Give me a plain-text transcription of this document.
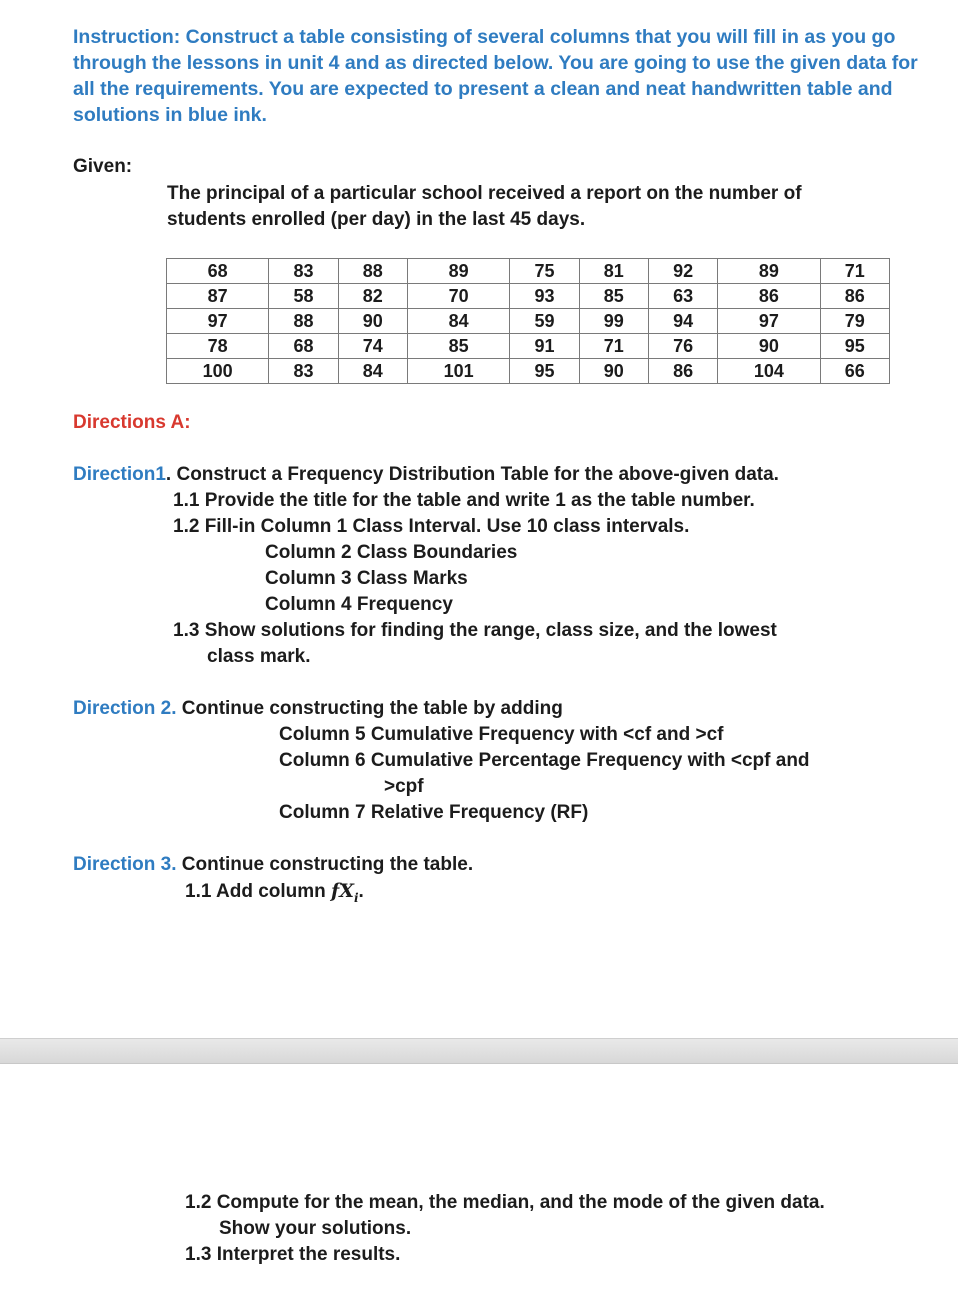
Instruction: Construct a table consisting of several columns that you will fill in as you go through the lessons in unit 4 and as directed below. You are going to use the given data for all the requirements. You are expected to present a clean and neat handwritten table and solutions in blue ink.
Given:
The principal of a particular school received a report on the number of
students enrolled (per day) in the last 45 days.
68	83	88	89	75	81	92	89	71
87	58	82	70	93	85	63	86	86
97	88	90	84	59	99	94	97	79
78	68	74	85	91	71	76	90	95
100	83	84	101	95	90	86	104	66
Directions A:
Direction1. Construct a Frequency Distribution Table for the above-given data.
1.1 Provide the title for the table and write 1 as the table number.
1.2 Fill-in Column 1 Class Interval. Use 10 class intervals.
Column 2 Class Boundaries
Column 3 Class Marks
Column 4 Frequency
1.3 Show solutions for finding the range, class size, and the lowest
class mark.
Direction 2. Continue constructing the table by adding
Column 5 Cumulative Frequency with <cf and >cf
Column 6 Cumulative Percentage Frequency with <cpf and
>cpf
Column 7 Relative Frequency (RF)
Direction 3. Continue constructing the table.
1.1 Add column $fX_i$.
1.2 Compute for the mean, the median, and the mode of the given data.
Show your solutions.
1.3 Interpret the results.
